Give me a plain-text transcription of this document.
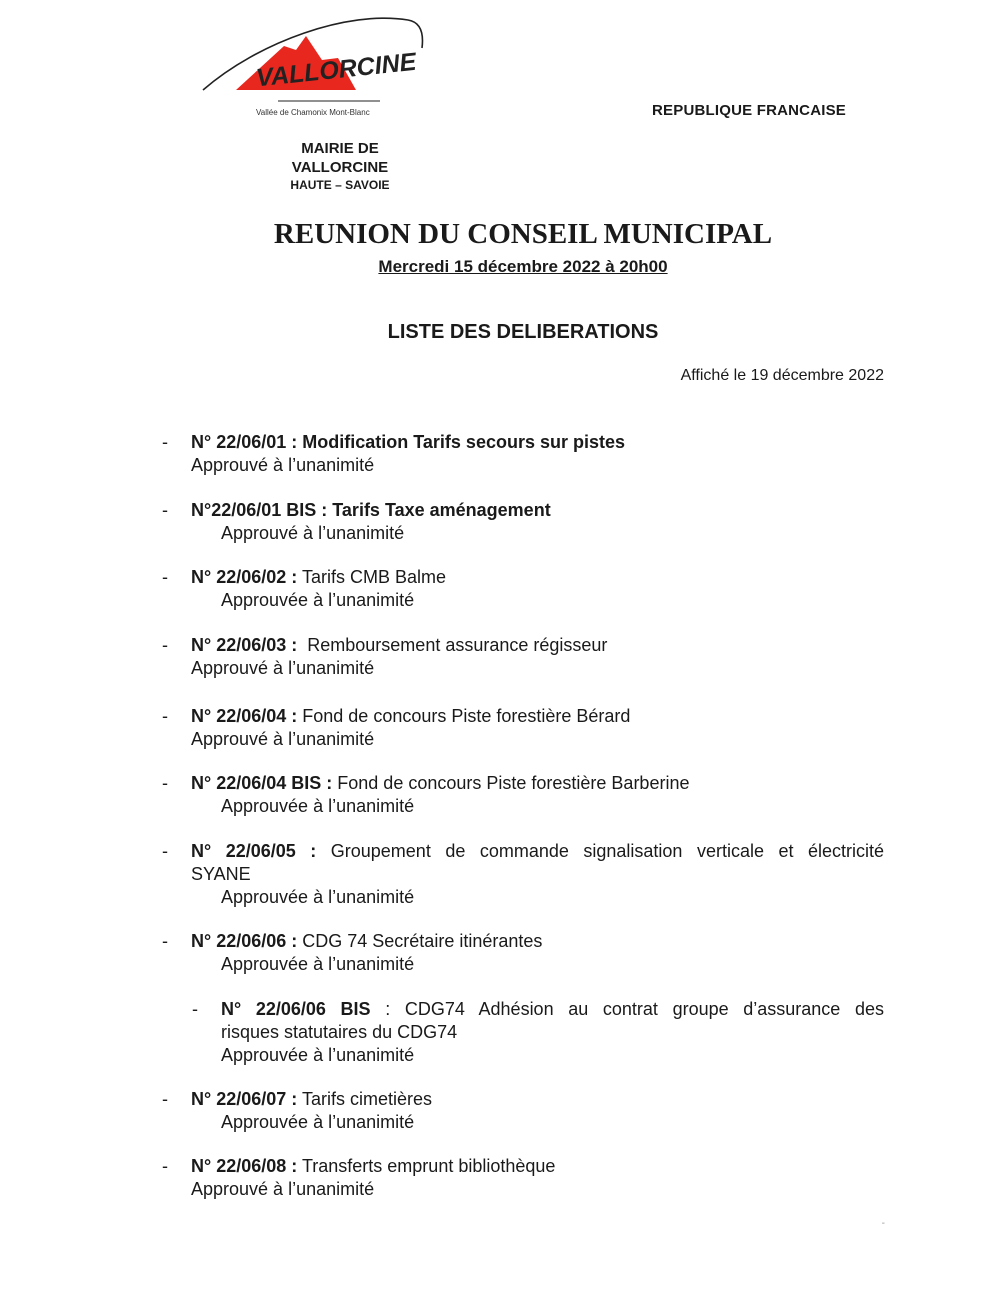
VALLORCINE
Vallée de Chamonix Mont-Blanc	REPUBLIQUE FRANCAISE
MAIRIE DE
VALLORCINE
HAUTE – SAVOIE
REUNION DU CONSEIL MUNICIPAL
Mercredi 15 décembre 2022 à 20h00
LISTE DES DELIBERATIONS
Affiché le 19 décembre 2022
- N° 22/06/01 : Modification Tarifs secours sur pistes
Approuvé à l’unanimité
- N°22/06/01 BIS : Tarifs Taxe aménagement
Approuvé à l’unanimité
- N° 22/06/02 : Tarifs CMB Balme
Approuvée à l’unanimité
- N° 22/06/03 :  Remboursement assurance régisseur
Approuvé à l’unanimité
- N° 22/06/04 : Fond de concours Piste forestière Bérard
Approuvé à l’unanimité
- N° 22/06/04 BIS : Fond de concours Piste forestière Barberine
Approuvée à l’unanimité
- N° 22/06/05 : Groupement de commande signalisation verticale et électricité
SYANE
Approuvée à l’unanimité
- N° 22/06/06 : CDG 74 Secrétaire itinérantes
Approuvée à l’unanimité
- N° 22/06/06 BIS : CDG74 Adhésion au contrat groupe d’assurance des
risques statutaires du CDG74
Approuvée à l’unanimité
- N° 22/06/07 : Tarifs cimetières
Approuvée à l’unanimité
- N° 22/06/08 : Transferts emprunt bibliothèque
Approuvé à l’unanimité
-
